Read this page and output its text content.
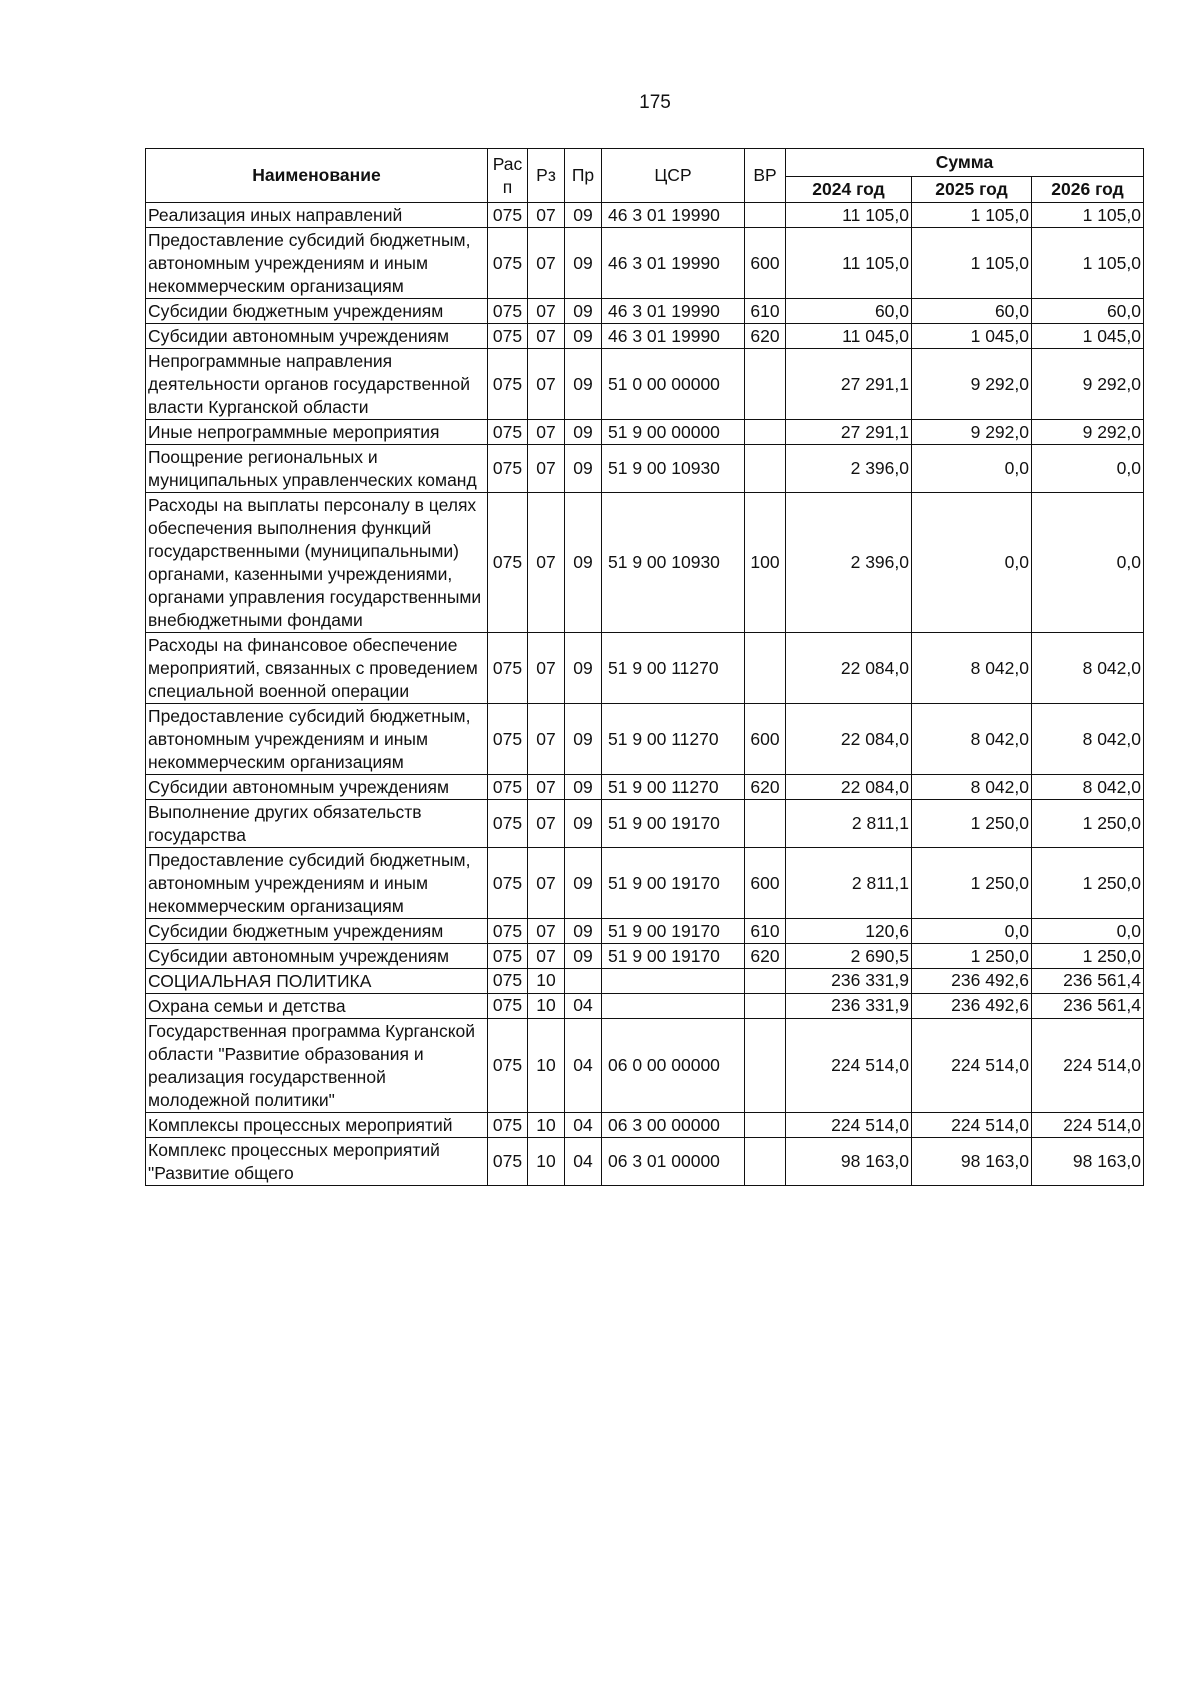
175
Наименование	Рас п	Рз	Пр	ЦСР	ВР	Сумма		
						2024 год	2025 год	2026 год
Реализация иных направлений	075	07	09	46 3 01 19990		11 105,0	1 105,0	1 105,0
Предоставление субсидий бюджетным, автономным учреждениям и иным некоммерческим организациям	075	07	09	46 3 01 19990	600	11 105,0	1 105,0	1 105,0
Субсидии бюджетным учреждениям	075	07	09	46 3 01 19990	610	60,0	60,0	60,0
Субсидии автономным учреждениям	075	07	09	46 3 01 19990	620	11 045,0	1 045,0	1 045,0
Непрограммные направления деятельности органов государственной власти Курганской области	075	07	09	51 0 00 00000		27 291,1	9 292,0	9 292,0
Иные непрограммные мероприятия	075	07	09	51 9 00 00000		27 291,1	9 292,0	9 292,0
Поощрение региональных и муниципальных управленческих команд	075	07	09	51 9 00 10930		2 396,0	0,0	0,0
Расходы на выплаты персоналу в целях обеспечения выполнения функций государственными (муниципальными) органами, казенными учреждениями, органами управления государственными внебюджетными фондами	075	07	09	51 9 00 10930	100	2 396,0	0,0	0,0
Расходы на финансовое обеспечение мероприятий, связанных с проведением специальной военной операции	075	07	09	51 9 00 11270		22 084,0	8 042,0	8 042,0
Предоставление субсидий бюджетным, автономным учреждениям и иным некоммерческим организациям	075	07	09	51 9 00 11270	600	22 084,0	8 042,0	8 042,0
Субсидии автономным учреждениям	075	07	09	51 9 00 11270	620	22 084,0	8 042,0	8 042,0
Выполнение других обязательств государства	075	07	09	51 9 00 19170		2 811,1	1 250,0	1 250,0
Предоставление субсидий бюджетным, автономным учреждениям и иным некоммерческим организациям	075	07	09	51 9 00 19170	600	2 811,1	1 250,0	1 250,0
Субсидии бюджетным учреждениям	075	07	09	51 9 00 19170	610	120,6	0,0	0,0
Субсидии автономным учреждениям	075	07	09	51 9 00 19170	620	2 690,5	1 250,0	1 250,0
СОЦИАЛЬНАЯ ПОЛИТИКА	075	10				236 331,9	236 492,6	236 561,4
Охрана семьи и детства	075	10	04			236 331,9	236 492,6	236 561,4
Государственная программа Курганской области "Развитие образования и реализация государственной молодежной политики"	075	10	04	06 0 00 00000		224 514,0	224 514,0	224 514,0
Комплексы процессных мероприятий	075	10	04	06 3 00 00000		224 514,0	224 514,0	224 514,0
Комплекс процессных мероприятий "Развитие общего	075	10	04	06 3 01 00000		98 163,0	98 163,0	98 163,0
